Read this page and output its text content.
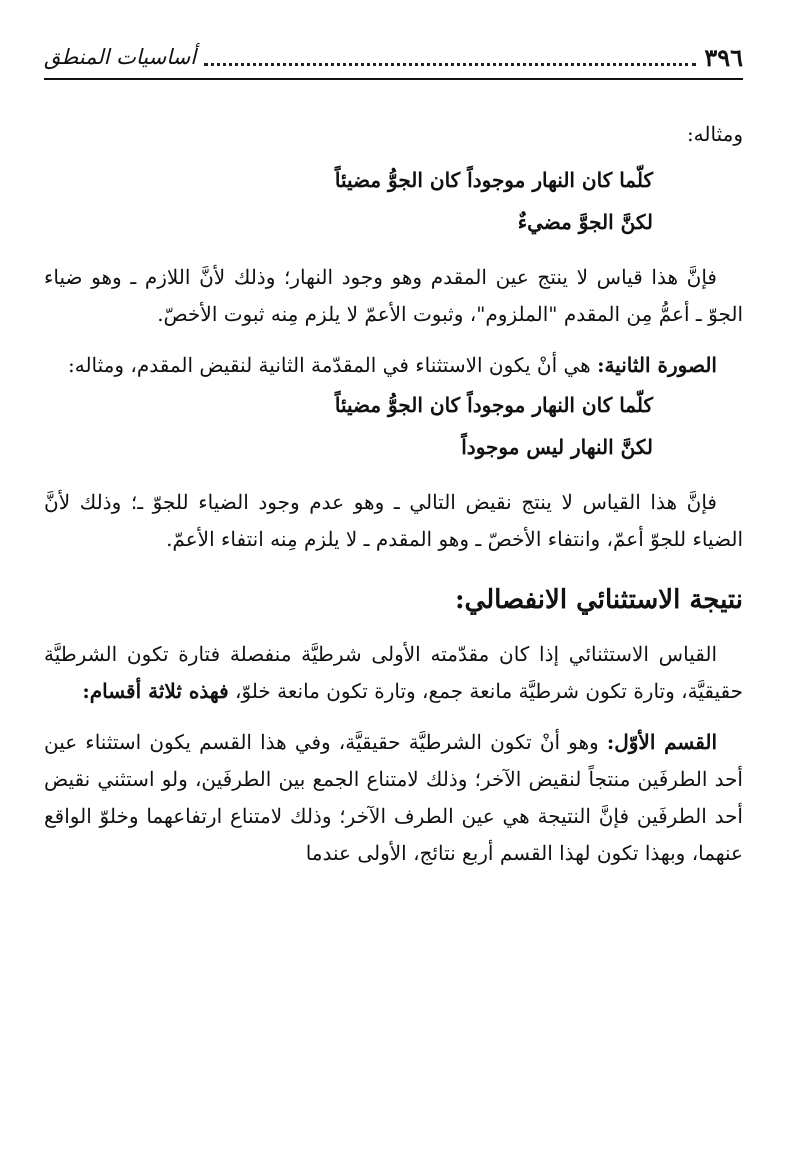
٣٩٦
أساسيات المنطق

ومثاله:

كلّما كان النهار موجوداً كان الجوُّ مضيئاً
لكنَّ الجوَّ مضيءٌ

فإنَّ هذا قياس لا ينتج عين المقدم وهو وجود النهار؛ وذلك لأنَّ اللازم ـ وهو ضياء الجوّ ـ أعمُّ مِن المقدم "الملزوم"، وثبوت الأعمّ لا يلزم مِنه ثبوت الأخصّ.

الصورة الثانية: هي أنْ يكون الاستثناء في المقدّمة الثانية لنقيض المقدم، ومثاله:

كلّما كان النهار موجوداً كان الجوُّ مضيئاً
لكنَّ النهار ليس موجوداً

فإنَّ هذا القياس لا ينتج نقيض التالي ـ وهو عدم وجود الضياء للجوّ ـ؛ وذلك لأنَّ الضياء للجوّ أعمّ، وانتفاء الأخصّ ـ وهو المقدم ـ لا يلزم مِنه انتفاء الأعمّ.

نتيجة الاستثنائي الانفصالي:

القياس الاستثنائي إذا كان مقدّمته الأولى شرطيَّة منفصلة فتارة تكون الشرطيَّة حقيقيَّة، وتارة تكون شرطيَّة مانعة جمع، وتارة تكون مانعة خلوّ، فهذه ثلاثة أقسام:

القسم الأوّل: وهو أنْ تكون الشرطيَّة حقيقيَّة، وفي هذا القسم يكون استثناء عين أحد الطرفَين منتجاً لنقيض الآخر؛ وذلك لامتناع الجمع بين الطرفَين، ولو استثني نقيض أحد الطرفَين فإنَّ النتيجة هي عين الطرف الآخر؛ وذلك لامتناع ارتفاعهما وخلوّ الواقع عنهما، وبهذا تكون لهذا القسم أربع نتائج، الأولى عندما
